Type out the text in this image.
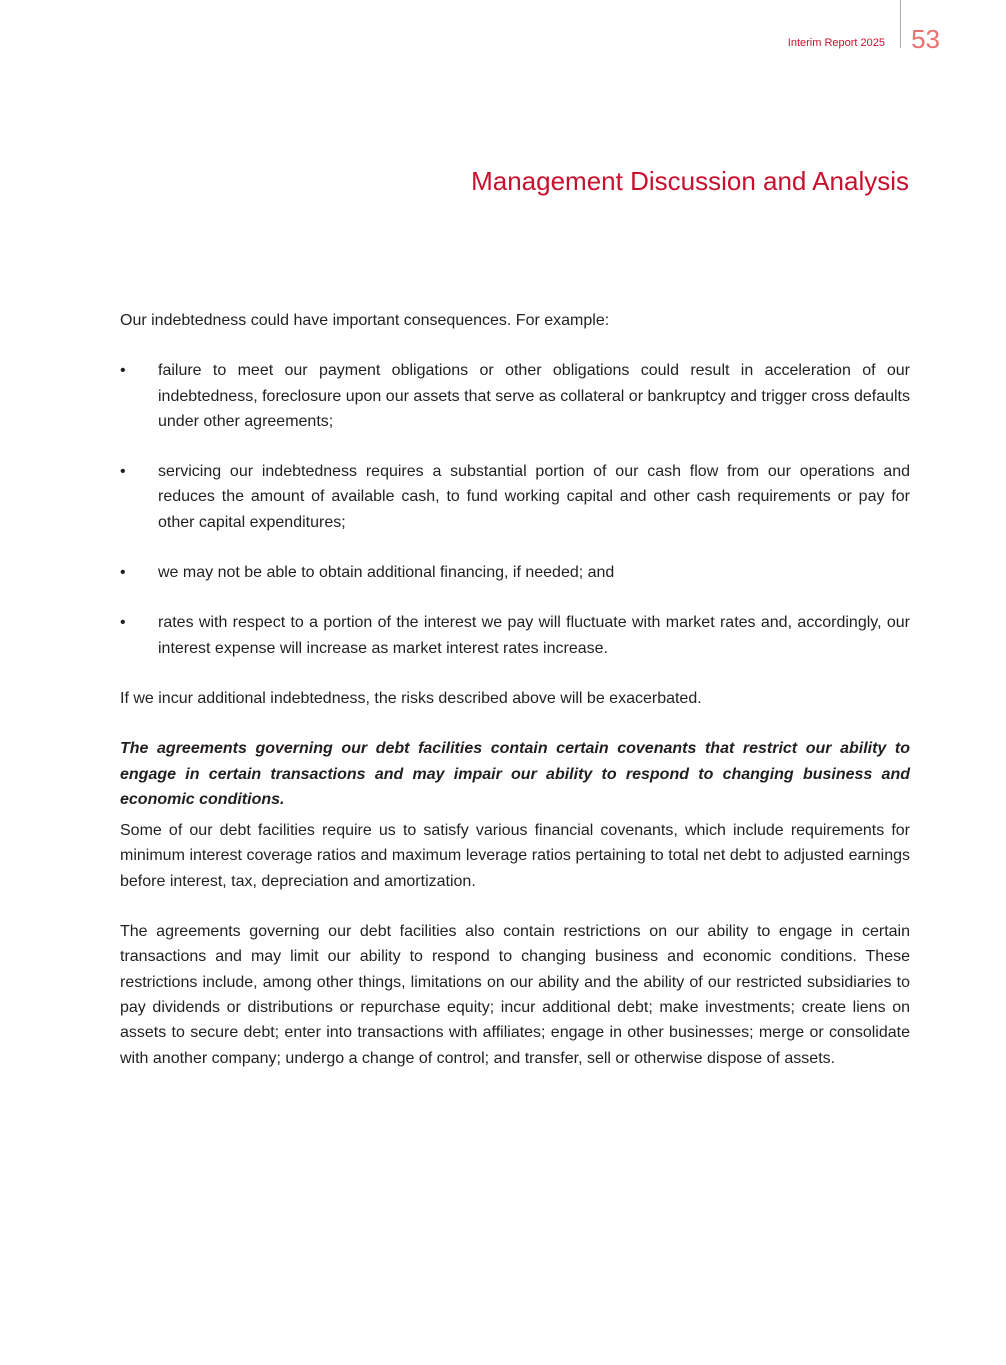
Interim Report 2025 53
Management Discussion and Analysis

Our indebtedness could have important consequences. For example:

• failure to meet our payment obligations or other obligations could result in acceleration of our indebtedness, foreclosure upon our assets that serve as collateral or bankruptcy and trigger cross defaults under other agreements;
• servicing our indebtedness requires a substantial portion of our cash flow from our operations and reduces the amount of available cash, to fund working capital and other cash requirements or pay for other capital expenditures;
• we may not be able to obtain additional financing, if needed; and
• rates with respect to a portion of the interest we pay will fluctuate with market rates and, accordingly, our interest expense will increase as market interest rates increase.

If we incur additional indebtedness, the risks described above will be exacerbated.

The agreements governing our debt facilities contain certain covenants that restrict our ability to engage in certain transactions and may impair our ability to respond to changing business and economic conditions.

Some of our debt facilities require us to satisfy various financial covenants, which include requirements for minimum interest coverage ratios and maximum leverage ratios pertaining to total net debt to adjusted earnings before interest, tax, depreciation and amortization.

The agreements governing our debt facilities also contain restrictions on our ability to engage in certain transactions and may limit our ability to respond to changing business and economic conditions. These restrictions include, among other things, limitations on our ability and the ability of our restricted subsidiaries to pay dividends or distributions or repurchase equity; incur additional debt; make investments; create liens on assets to secure debt; enter into transactions with affiliates; engage in other businesses; merge or consolidate with another company; undergo a change of control; and transfer, sell or otherwise dispose of assets.
